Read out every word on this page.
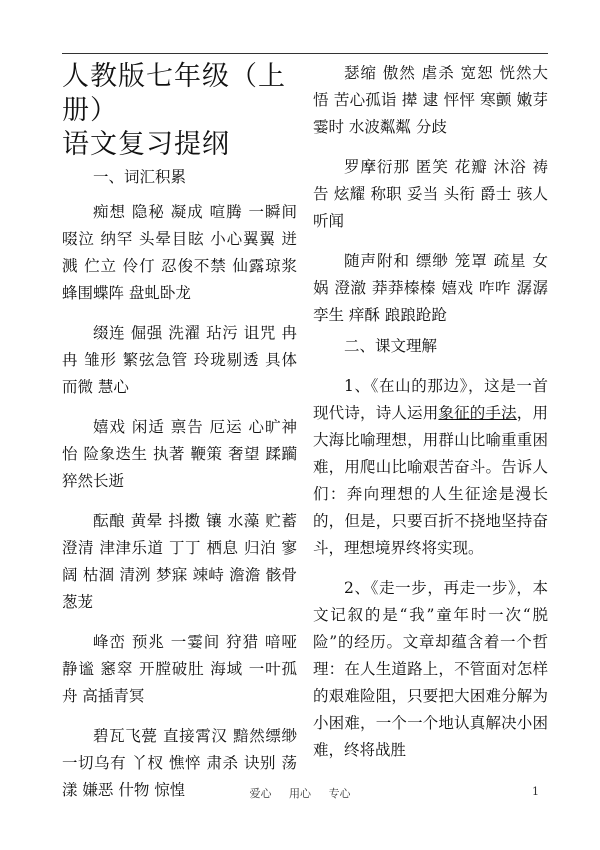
人教版七年级（上册）
语文复习提纲

一、词汇积累

痴想 隐秘 凝成 喧腾 一瞬间 啜泣 纳罕 头晕目眩 小心翼翼 迸溅 伫立 伶仃 忍俊不禁 仙露琼浆 蜂围蝶阵 盘虬卧龙

缀连 倔强 洗濯 玷污 诅咒 冉冉 雏形 繁弦急管 玲珑剔透 具体而微 慧心

嬉戏 闲适 禀告 厄运 心旷神怡 险象迭生 执著 鞭策 奢望 蹂躏 猝然长逝

酝酿 黄晕 抖擞 镶 水藻 贮蓄 澄清 津津乐道 丁丁 栖息 归泊 寥阔 枯涸 清洌 梦寐 竦峙 澹澹 骸骨 葱茏

峰峦 预兆 一霎间 狩猎 喑哑 静谧 窸窣 开膛破肚 海域 一叶孤舟 高插青冥

碧瓦飞甍 直接霄汉 黯然缥缈 一切乌有 丫杈 憔悴 肃杀 诀别 荡漾 嫌恶 什物 惊惶

瑟缩 傲然 虐杀 宽恕 恍然大悟 苦心孤诣 撵 逮 怦怦 寒颤 嫩芽 霎时 水波粼粼 分歧

罗摩衍那 匿笑 花瓣 沐浴 祷告 炫耀 称职 妥当 头衔 爵士 骇人听闻

随声附和 缥缈 笼罩 疏星 女娲 澄澈 莽莽榛榛 嬉戏 咋咋 潺潺 孪生 痒酥 踉踉跄跄

二、课文理解

1、《在山的那边》，这是一首现代诗，诗人运用象征的手法，用大海比喻理想，用群山比喻重重困难，用爬山比喻艰苦奋斗。告诉人们：奔向理想的人生征途是漫长的，但是，只要百折不挠地坚持奋斗，理想境界终将实现。

2、《走一步，再走一步》，本文记叙的是“我”童年时一次“脱险”的经历。文章却蕴含着一个哲理：在人生道路上，不管面对怎样的艰难险阻，只要把大困难分解为小困难，一个一个地认真解决小困难，终将战胜

爱心 用心 专心	1
